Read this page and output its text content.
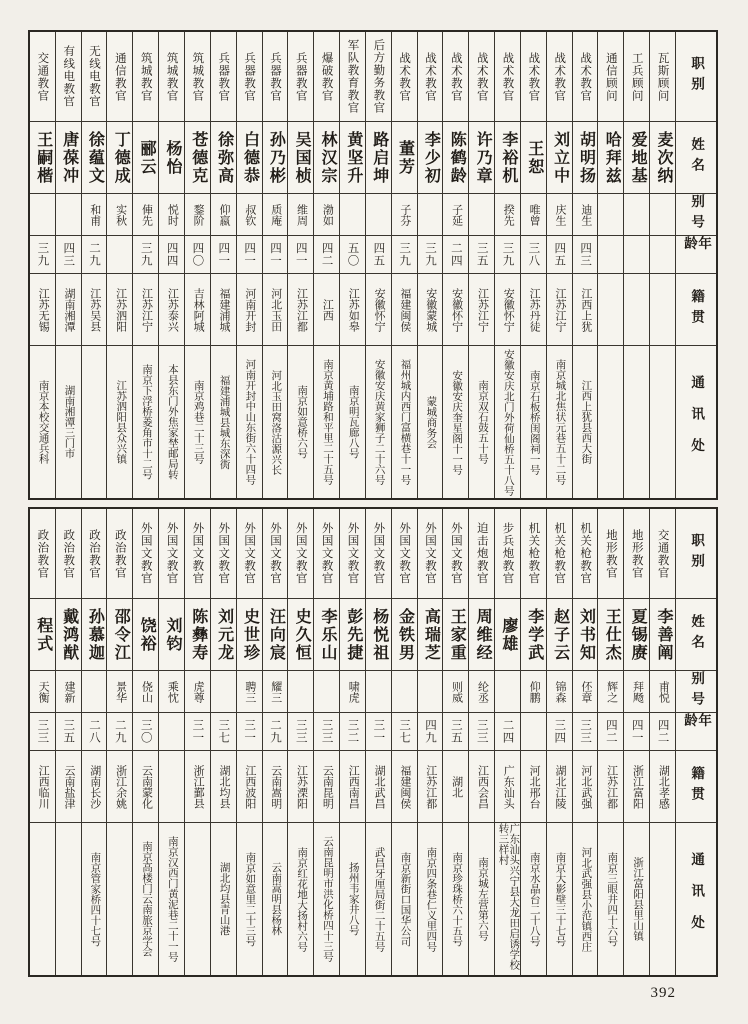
职别
姓名
别号
年龄
籍贯
通讯处
瓦斯顾问
麦次纳
工兵顾问
爱地基
通信顾问
哈拜兹
战术教官
胡明扬
迪生
四三
江西上犹
江西上犹县西大街
战术教官
刘立中
庆生
四五
江苏江宁
南京城北焦状元巷五十二号
战术教官
王恕
唯曾
三八
江苏丹徒
南京石板桥闺阁祠一号
战术教官
李裕机
揆先
三九
安徽怀宁
安徽安庆北门外荷仙桥五十八号
战术教官
许乃章
三五
江苏江宁
南京双石鼓五十号
战术教官
陈鹤龄
子延
二四
安徽怀宁
安徽安庆奎星阁十一号
战术教官
李少初
三九
安徽蒙城
蒙城商务会
战术教官
董芳
子芬
三九
福建闽侯
福州城内西门富横巷十一号
后方勤务教官
路启坤
四五
安徽怀宁
安徽安庆黄家狮子二十六号
军队教育教官
黄坚升
五〇
江苏如皋
南京明瓦廊八号
爆破教官
林汉宗
渤如
四二
江西
南京黄埔路和平里二十五号
兵器教官
吴国桢
维周
四一
江苏江都
南京如意桥六号
兵器教官
孙乃彬
质庵
四一
河北玉田
河北玉田窝洛沽源兴长
兵器教官
白德恭
叔钦
四一
河南开封
河南开封中山东街六十四号
兵器教官
徐弥高
仰嬴
四一
福建浦城
福建浦城县城东深衖
筑城教官
苍德克
鍪阶
四〇
吉林阿城
南京鸡巷二十三号
筑城教官
杨怡
悦时
四四
江苏泰兴
本县东门外焦家埜邮局转
筑城教官
郦云
俥先
三九
江苏江宁
南京下浮桥菱角市十二号
通信教官
丁德成
实秋
江苏泗阳
江苏泗阳县众兴镇
无线电教官
徐蕴文
和甫
二九
江苏吴县
有线电教官
唐葆冲
四三
湖南湘潭
湖南湘潭三门市
交通教官
王嗣楷
三九
江苏无锡
南京本校交通兵科
职别
姓名
别号
年龄
籍贯
通讯处
交通教官
李善阐
甫悦
四二
湖北孝感
地形教官
夏锡赓
拜飏
四一
浙江富阳
浙江富阳县里山镇
地形教官
王仕杰
辉之
四二
江苏江都
南京三眼井四十六号
机关枪教官
刘书知
伾章
三三
河北武强
河北武强县小范镇西庄
机关枪教官
赵子云
锦森
三四
湖北江陵
南京大影壁三十七号
机关枪教官
李学武
仰鹏
河北邢台
南京水晶台二十八号
步兵炮教官
廖雄
二四
广东汕头
广东汕头兴宁县大龙田启诱学校转三样村
迫击炮教官
周维经
纶丞
三三
江西会昌
南京城左营第六号
外国文教官
王家重
则威
三五
湖北
南京珍珠桥六十五号
外国文教官
高瑞芝
四九
江苏江都
南京四条巷仁义里四号
外国文教官
金铁男
三七
福建闽侯
南京新街口国华公司
外国文教官
杨悦祖
三一
湖北武昌
武昌牙厘局街二十五号
外国文教官
彭先捷
啸虎
三二
江西南昌
扬州韦家井八号
外国文教官
李乐山
三三
云南昆明
云南昆明市洪化桥四十三号
外国文教官
史久恒
三三
江苏溧阳
南京红花地大扬村六号
外国文教官
汪向宸
耀三
二九
云南嵩明
云南嵩明县杨林
外国文教官
史世珍
聘三
三一
江西波阳
南京如意里二十三号
外国文教官
刘元龙
三七
湖北均县
湖北均县青山港
外国文教官
陈彝寿
虎尊
三一
浙江鄞县
外国文教官
刘钧
乘忱
南京汉西门黄泥巷二十一号
外国文教官
饶裕
侥山
三〇
云南蒙化
南京高楼门云南旅京学会
政治教官
邵令江
景华
二九
浙江余姚
政治教官
孙慕迦
二八
湖南长沙
南京管家桥四十七号
政治教官
戴鸿猷
建新
三五
云南盐津
政治教官
程式
天衡
三三
江西临川
392
